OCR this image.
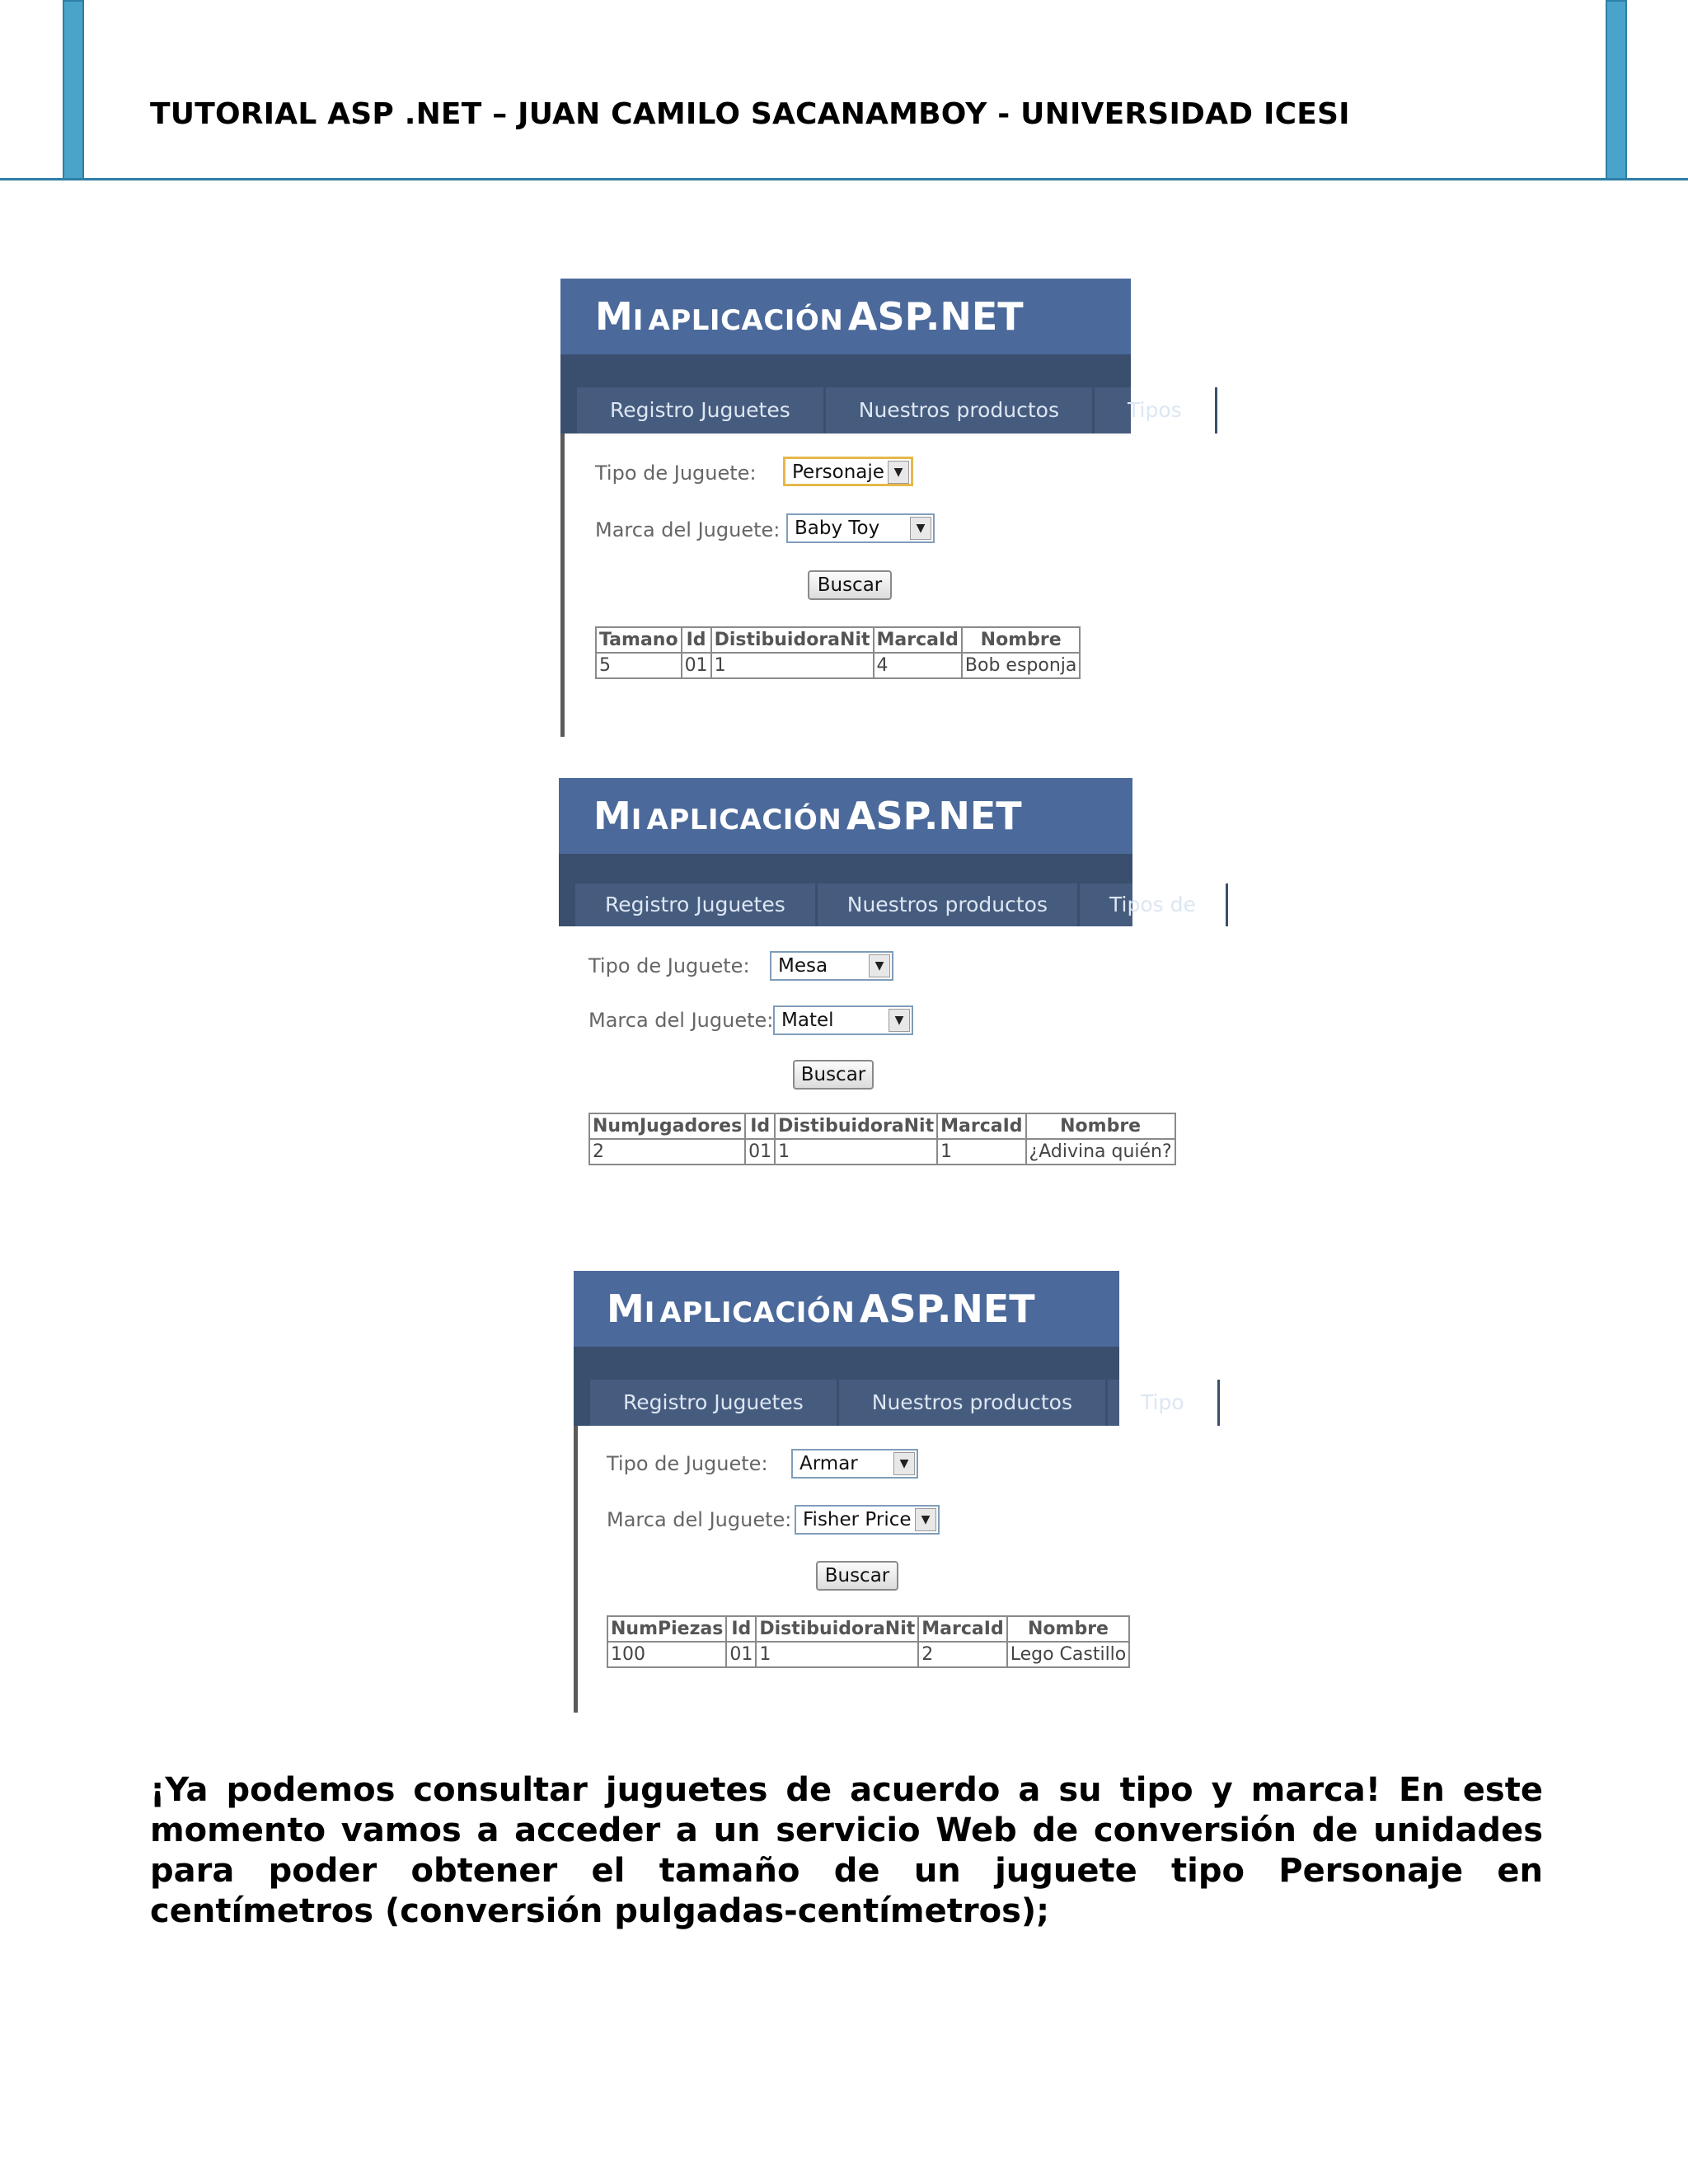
TUTORIAL ASP .NET – JUAN CAMILO SACANAMBOY - UNIVERSIDAD ICESI
MI APLICACIÓN ASP.NET
Registro Juguetes	Nuestros productos	Tipos
Tipo de Juguete:	Personaje ▼
Marca del Juguete: Baby Toy	▼
Buscar
Tamano	Id	DistibuidoraNit	MarcaId	Nombre
5	01	1	4	Bob esponja
MI APLICACIÓN ASP.NET
Registro Juguetes	Nuestros productos	Tipos de
Tipo de Juguete:	Mesa	▼
Marca del Juguete: Matel	▼
Buscar
NumJugadores	Id	DistibuidoraNit	MarcaId	Nombre
2	01	1	1	¿Adivina quién?
MI APLICACIÓN ASP.NET
Registro Juguetes	Nuestros productos	Tipo
Tipo de Juguete:	Armar	▼
Marca del Juguete: Fisher Price ▼
Buscar
NumPiezas	Id	DistibuidoraNit	MarcaId	Nombre
100	01	1	2	Lego Castillo

¡Ya podemos consultar juguetes de acuerdo a su tipo y marca! En este momento vamos a acceder a un servicio Web de conversión de unidades para poder obtener el tamaño de un juguete tipo Personaje en centímetros (conversión pulgadas-centímetros);
